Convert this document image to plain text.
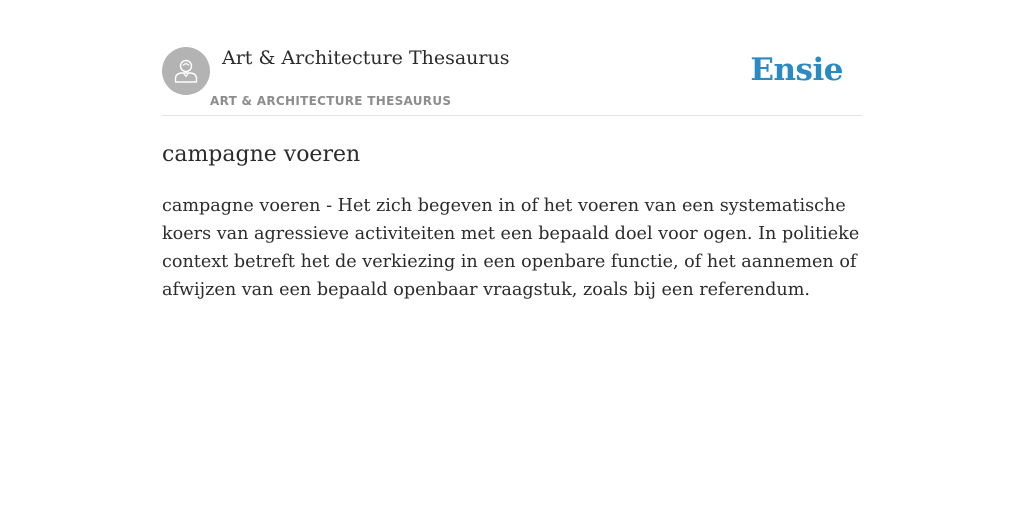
Art & Architecture Thesaurus
ART & ARCHITECTURE THESAURUS
Ensie
campagne voeren

campagne voeren - Het zich begeven in of het voeren van een systematische koers van agressieve activiteiten met een bepaald doel voor ogen. In politieke context betreft het de verkiezing in een openbare functie, of het aannemen of afwijzen van een bepaald openbaar vraagstuk, zoals bij een referendum.
